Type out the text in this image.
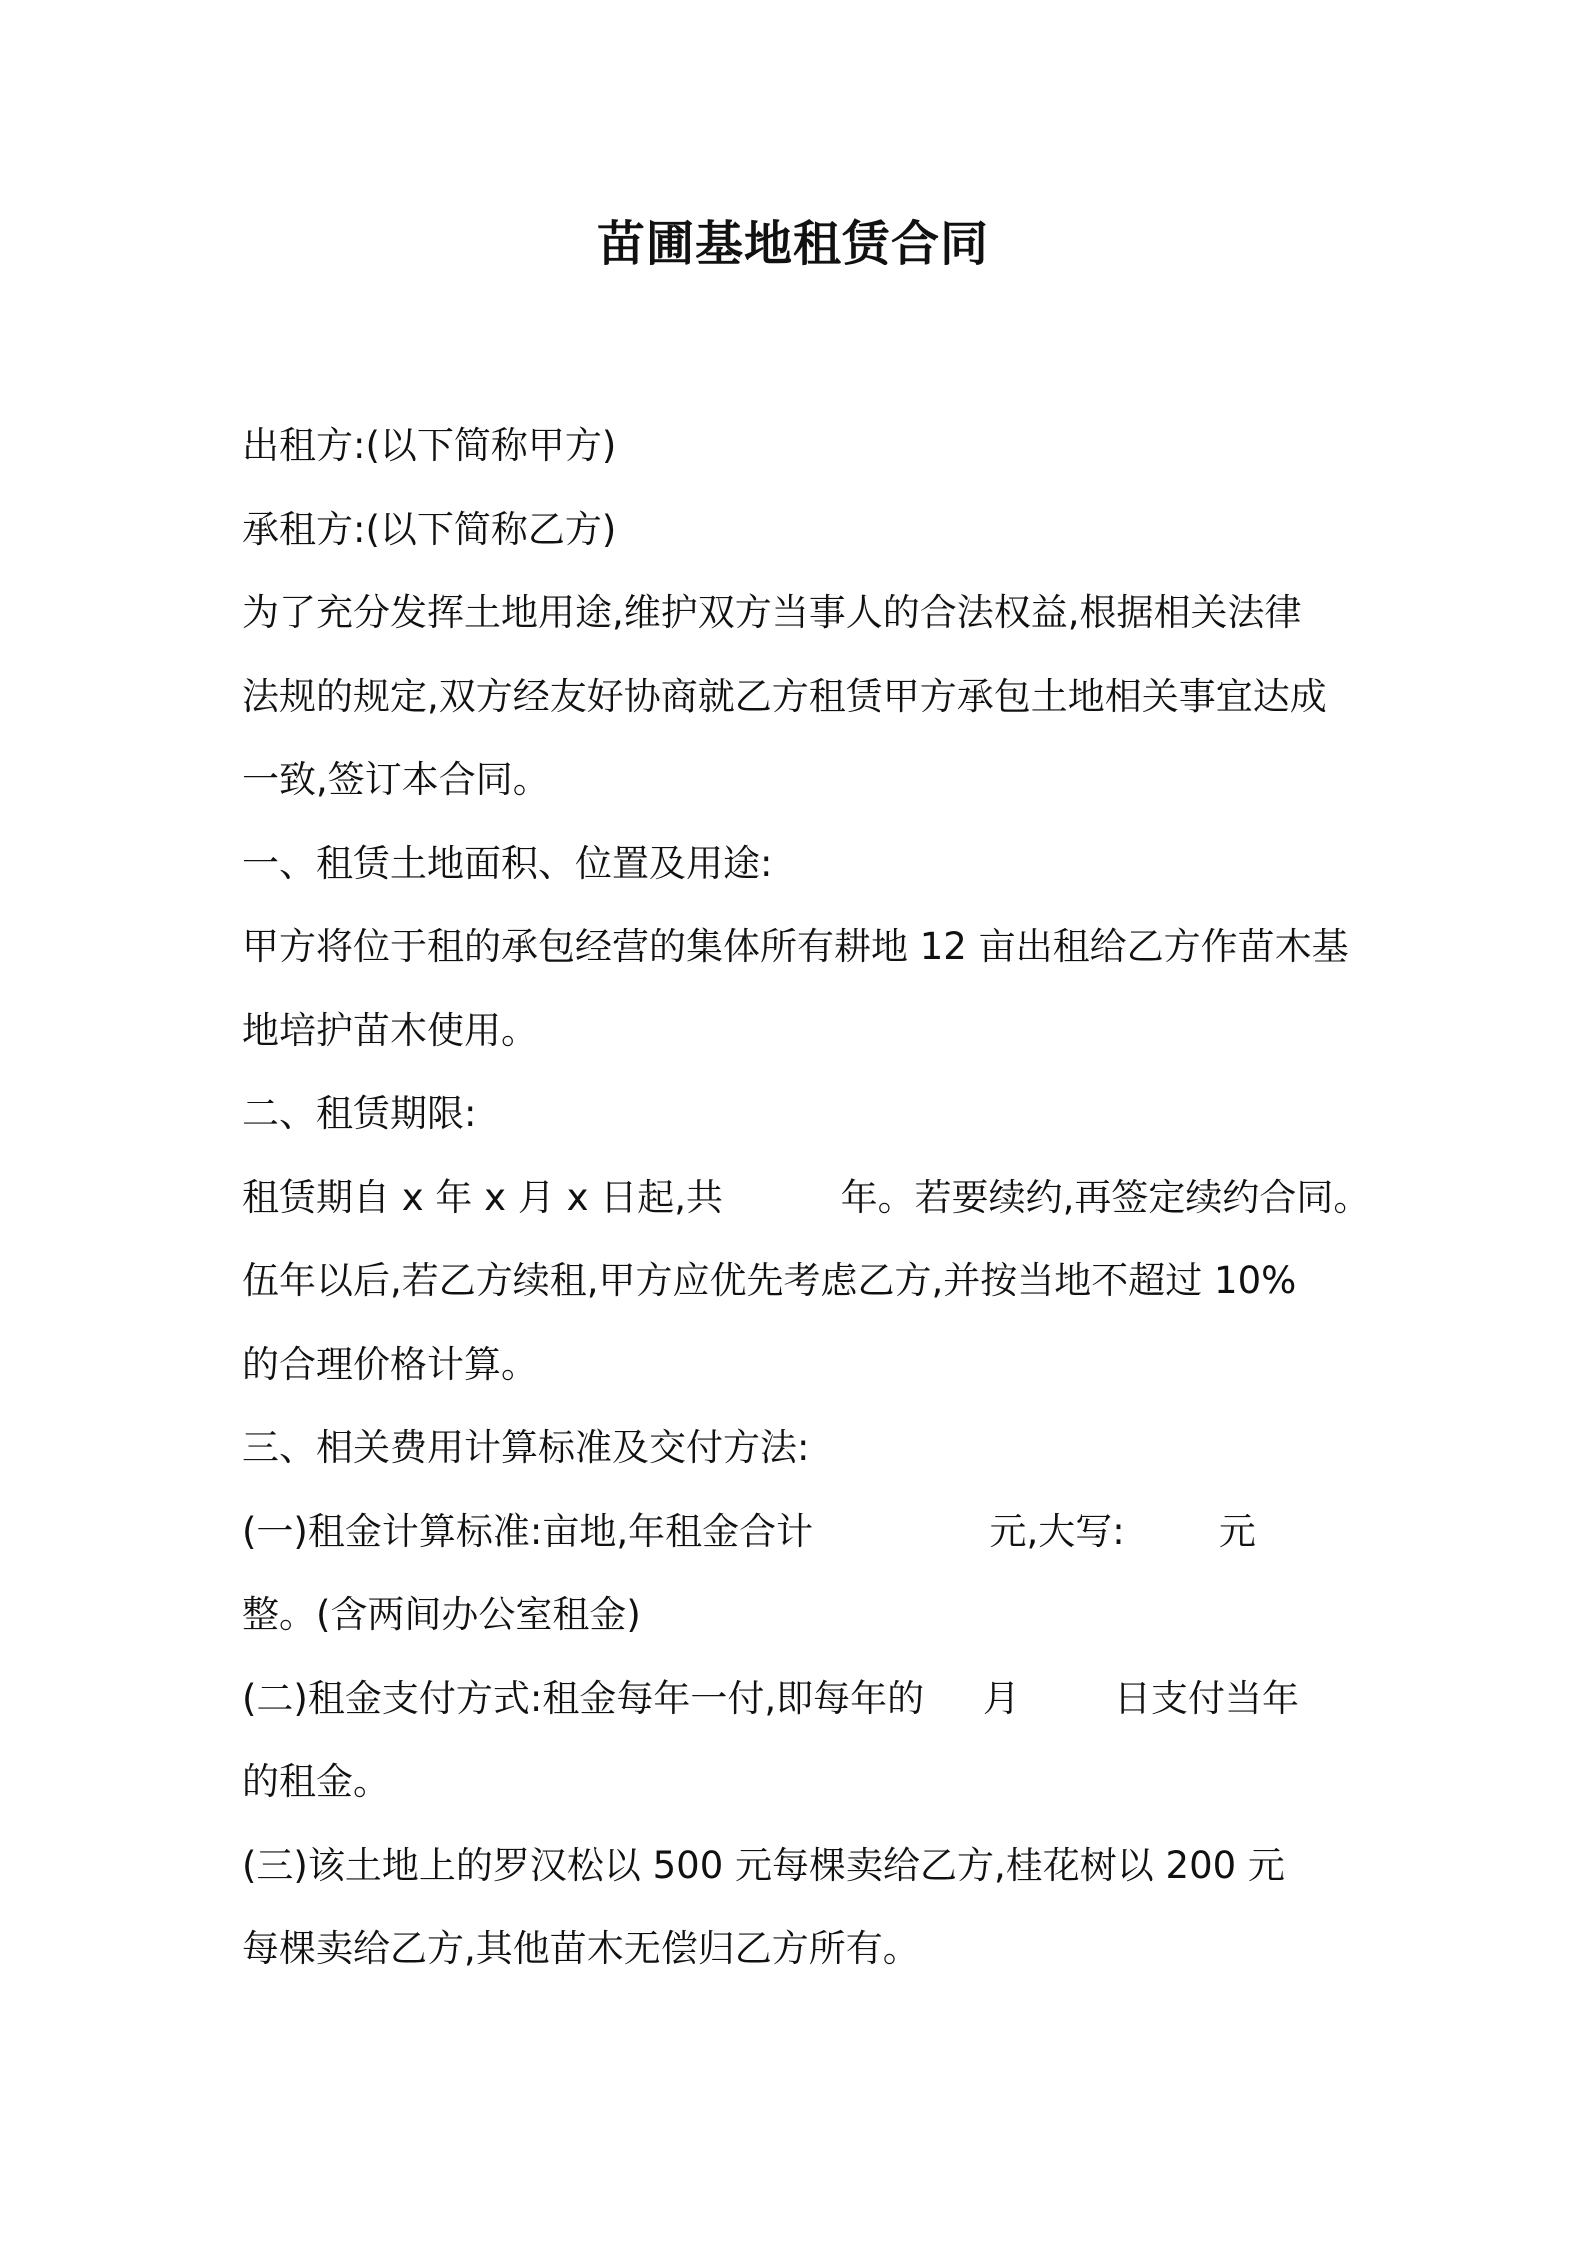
苗圃基地租赁合同
出租方:(以下简称甲方)
承租方:(以下简称乙方)
为了充分发挥土地用途,维护双方当事人的合法权益,根据相关法律
法规的规定,双方经友好协商就乙方租赁甲方承包土地相关事宜达成
一致,签订本合同。
一、租赁土地面积、位置及用途:
甲方将位于租的承包经营的集体所有耕地 12 亩出租给乙方作苗木基
地培护苗木使用。
二、租赁期限:
租赁期自 x 年 x 月 x 日起,共          年。若要续约,再签定续约合同。
伍年以后,若乙方续租,甲方应优先考虑乙方,并按当地不超过 10%
的合理价格计算。
三、相关费用计算标准及交付方法:
(一)租金计算标准:亩地,年租金合计               元,大写:        元
整。(含两间办公室租金)
(二)租金支付方式:租金每年一付,即每年的     月        日支付当年
的租金。
(三)该土地上的罗汉松以 500 元每棵卖给乙方,桂花树以 200 元
每棵卖给乙方,其他苗木无偿归乙方所有。
